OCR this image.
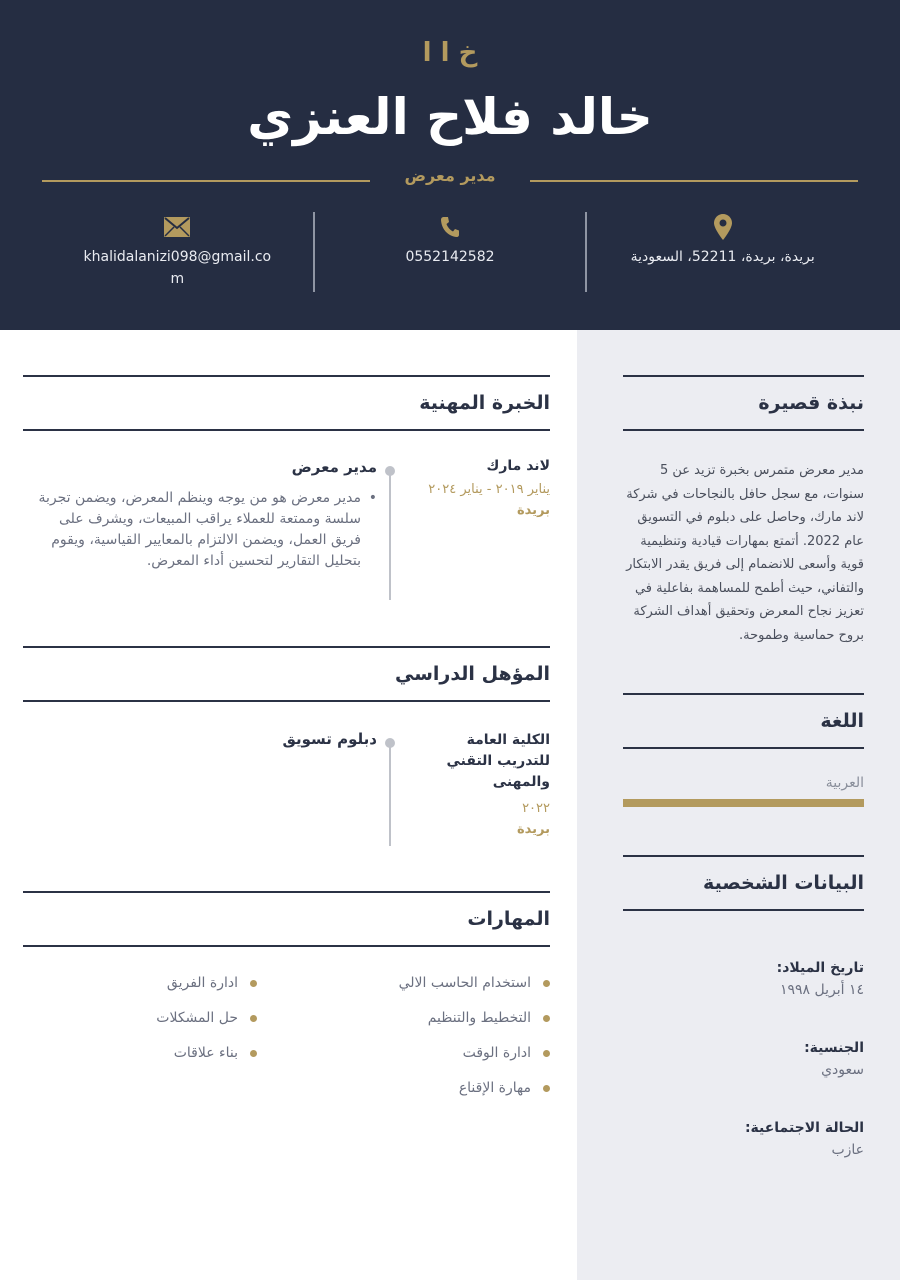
خ ا ا
خالد فلاح العنزي
مدير معرض
khalidalanizi098@gmail.com
0552142582	بريدة، بريدة، 52211، السعودية
نبذة قصيرة
مدير معرض متمرس بخبرة تزيد عن 5 سنوات، مع سجل حافل بالنجاحات في شركة لاند مارك، وحاصل على دبلوم في التسويق عام 2022. أتمتع بمهارات قيادية وتنظيمية قوية وأسعى للانضمام إلى فريق يقدر الابتكار والتفاني، حيث أطمح للمساهمة بفاعلية في تعزيز نجاح المعرض وتحقيق أهداف الشركة بروح حماسية وطموحة.
اللغة
العربية
البيانات الشخصية
تاريخ الميلاد:
١٤ أبريل ١٩٩٨
الجنسية:
سعودي
الحالة الاجتماعية:
عازب
الخبرة المهنية
لاند مارك
يناير ٢٠١٩ - يناير ٢٠٢٤
بريدة
مدير معرض
•
مدير معرض هو من يوجه وينظم المعرض، ويضمن تجربة سلسة وممتعة للعملاء يراقب المبيعات، ويشرف على فريق العمل، ويضمن الالتزام بالمعايير القياسية، ويقوم بتحليل التقارير لتحسين أداء المعرض.
المؤهل الدراسي
الكلية العامة للتدريب التقني والمهنى
٢٠٢٢
بريدة
دبلوم تسويق
المهارات
استخدام الحاسب الالي
التخطيط والتنظيم
ادارة الوقت
مهارة الإقناع
ادارة الفريق
حل المشكلات
بناء علاقات
